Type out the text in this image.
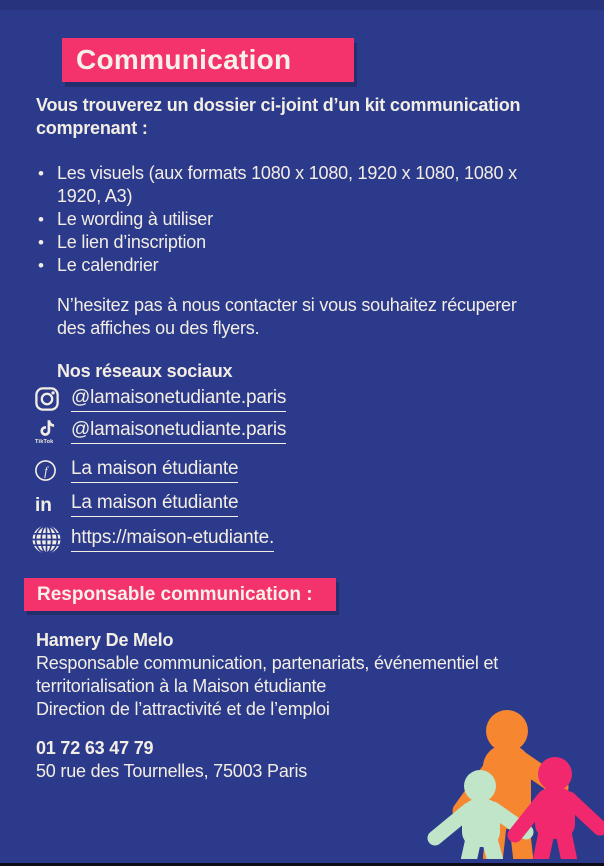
Communication
Vous trouverez un dossier ci-joint d’un kit communication
comprenant :
• Les visuels (aux formats 1080 x 1080, 1920 x 1080, 1080 x
1920, A3)
• Le wording à utiliser
• Le lien d’inscription
• Le calendrier
N’hesitez pas à nous contacter si vous souhaitez récuperer
des affiches ou des flyers.
Nos réseaux sociaux
@lamaisonetudiante.paris
TikTok
@lamaisonetudiante.paris
f La maison étudiante
in La maison étudiante
https://maison-etudiante.
Responsable communication :
Hamery De Melo
Responsable communication, partenariats, événementiel et
territorialisation à la Maison étudiante
Direction de l’attractivité et de l’emploi
01 72 63 47 79
50 rue des Tournelles, 75003 Paris
